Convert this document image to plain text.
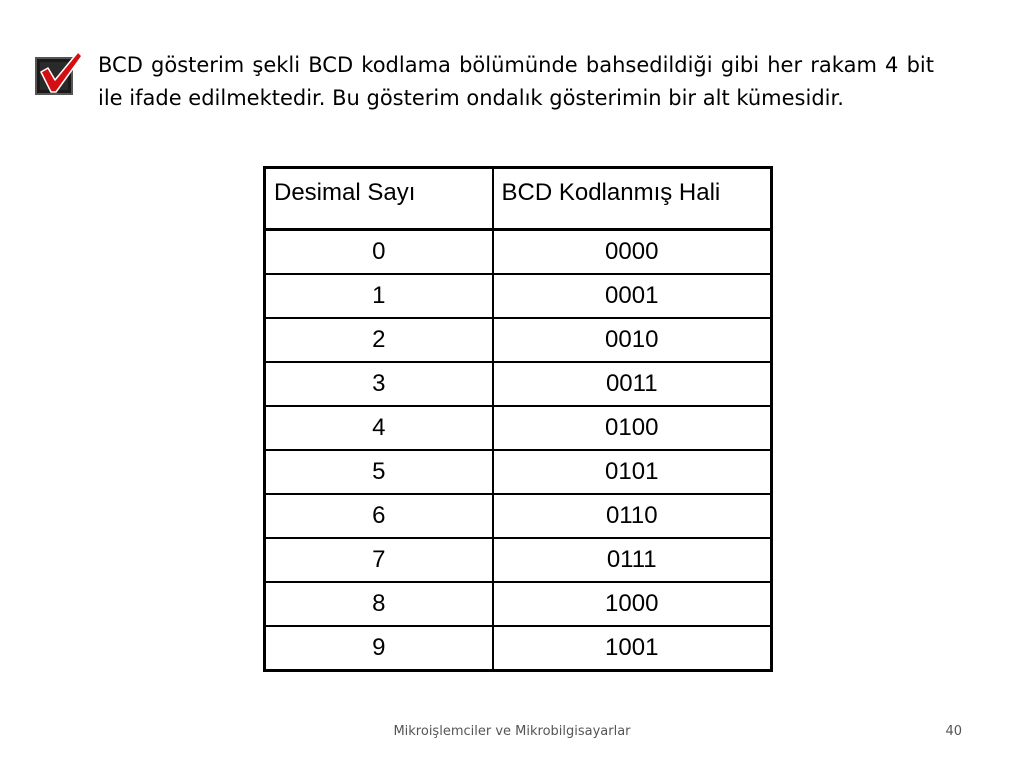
BCD gösterim şekli BCD kodlama bölümünde bahsedildiği gibi her rakam 4 bit ile ifade edilmektedir. Bu gösterim ondalık gösterimin bir alt kümesidir.

Desimal Sayı	BCD Kodlanmış Hali
0	0000
1	0001
2	0010
3	0011
4	0100
5	0101
6	0110
7	0111
8	1000
9	1001
Mikroişlemciler ve Mikrobilgisayarlar	40
